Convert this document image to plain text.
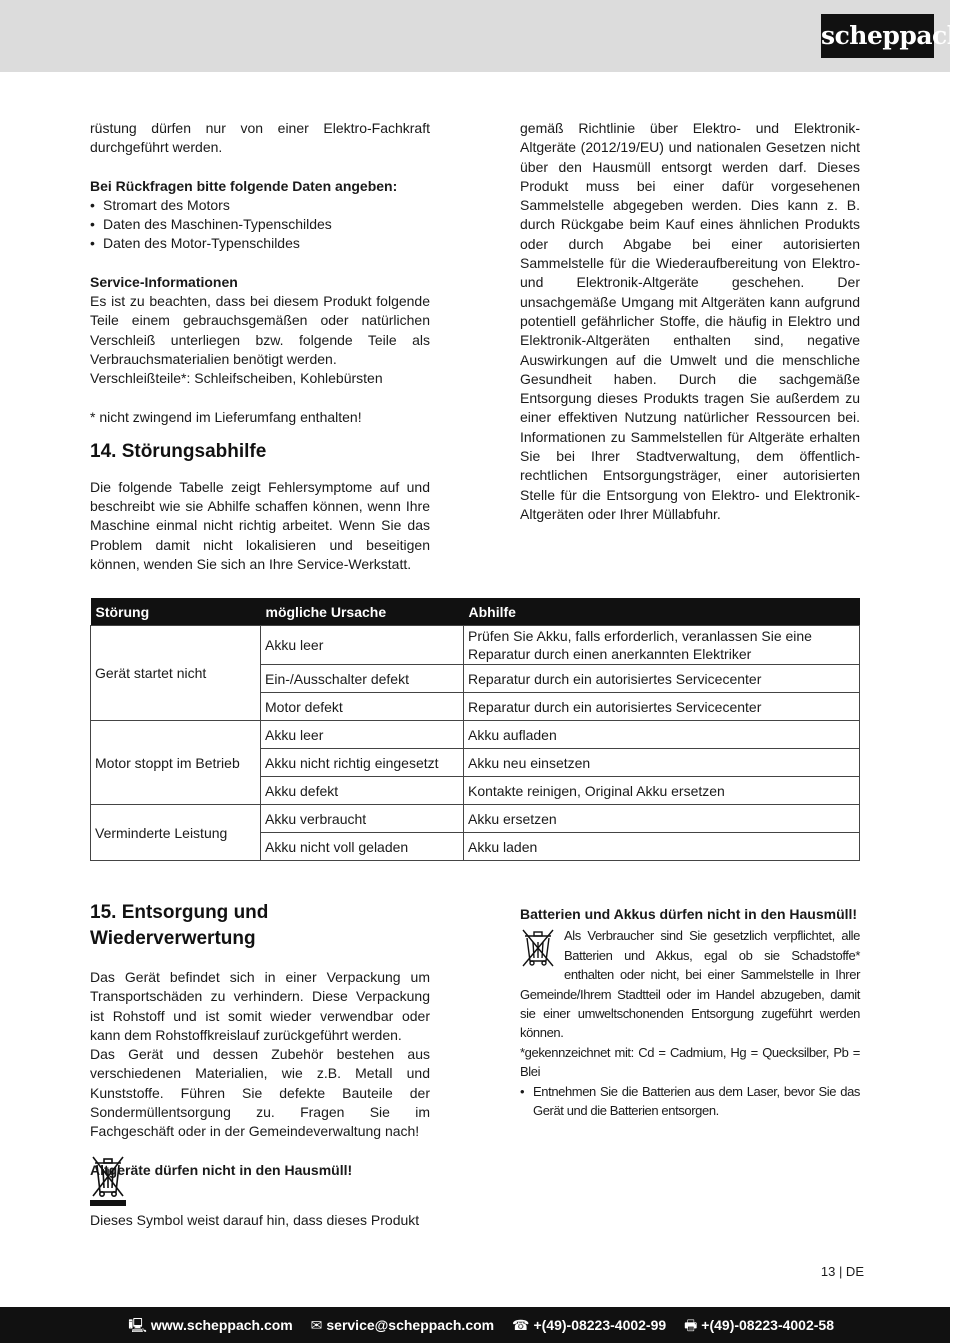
scheppach

rüstung dürfen nur von einer Elektro-Fachkraft durchgeführt werden.

Bei Rückfragen bitte folgende Daten angeben:

• Stromart des Motors
• Daten des Maschinen-Typenschildes
• Daten des Motor-Typenschildes

Service-Informationen

Es ist zu beachten, dass bei diesem Produkt folgende Teile einem gebrauchsgemäßen oder natürlichen Verschleiß unterliegen bzw. folgende Teile als Verbrauchsmaterialien benötigt werden.

Verschleißteile*: Schleifscheiben, Kohlebürsten

* nicht zwingend im Lieferumfang enthalten!

14. Störungsabhilfe

Die folgende Tabelle zeigt Fehlersymptome auf und beschreibt wie sie Abhilfe schaffen können, wenn Ihre Maschine einmal nicht richtig arbeitet. Wenn Sie das Problem damit nicht lokalisieren und beseitigen können, wenden Sie sich an Ihre Service-Werkstatt.

gemäß Richtlinie über Elektro- und Elektronik-Altgeräte (2012/19/EU) und nationalen Gesetzen nicht über den Hausmüll entsorgt werden darf. Dieses Produkt muss bei einer dafür vorgesehenen Sammelstelle abgegeben werden. Dies kann z. B. durch Rückgabe beim Kauf eines ähnlichen Produkts oder durch Abgabe bei einer autorisierten Sammelstelle für die Wiederaufbereitung von Elektro- und Elektronik-Altgeräte geschehen. Der unsachgemäße Umgang mit Altgeräten kann aufgrund potentiell gefährlicher Stoffe, die häufig in Elektro und Elektronik-Altgeräten enthalten sind, negative Auswirkungen auf die Umwelt und die menschliche Gesundheit haben. Durch die sachgemäße Entsorgung dieses Produkts tragen Sie außerdem zu einer effektiven Nutzung natürlicher Ressourcen bei. Informationen zu Sammelstellen für Altgeräte erhalten Sie bei Ihrer Stadtverwaltung, dem öffentlich-rechtlichen Entsorgungsträger, einer autorisierten Stelle für die Entsorgung von Elektro- und Elektronik-Altgeräten oder Ihrer Müllabfuhr.

Störung	mögliche Ursache	Abhilfe
Gerät startet nicht	Akku leer	Prüfen Sie Akku, falls erforderlich, veranlassen Sie eine Reparatur durch einen anerkannten Elektriker
	Ein-/Ausschalter defekt	Reparatur durch ein autorisiertes Servicecenter
	Motor defekt	Reparatur durch ein autorisiertes Servicecenter
Motor stoppt im Betrieb	Akku leer	Akku aufladen
	Akku nicht richtig eingesetzt	Akku neu einsetzen
	Akku defekt	Kontakte reinigen, Original Akku ersetzen
Verminderte Leistung	Akku verbraucht	Akku ersetzen
	Akku nicht voll geladen	Akku laden
15. Entsorgung und Wiederverwertung

Das Gerät befindet sich in einer Verpackung um Transportschäden zu verhindern. Diese Verpackung ist Rohstoff und ist somit wieder verwendbar oder kann dem Rohstoffkreislauf zurückgeführt werden.

Das Gerät und dessen Zubehör bestehen aus verschiedenen Materialien, wie z.B. Metall und Kunststoffe. Führen Sie defekte Bauteile der Sondermüllentsorgung zu. Fragen Sie im Fachgeschäft oder in der Gemeindeverwaltung nach!

Altgeräte dürfen nicht in den Hausmüll!

Dieses Symbol weist darauf hin, dass dieses Produkt

Batterien und Akkus dürfen nicht in den Hausmüll!

Als Verbraucher sind Sie gesetzlich verpflichtet, alle Batterien und Akkus, egal ob sie Schadstoffe* enthalten oder nicht, bei einer Sammelstelle in Ihrer Gemeinde/Ihrem Stadtteil oder im Handel abzugeben, damit sie einer umweltschonenden Entsorgung zugeführt werden können.

*gekennzeichnet mit: Cd = Cadmium, Hg = Quecksilber, Pb = Blei

• Entnehmen Sie die Batterien aus dem Laser, bevor Sie das Gerät und die Batterien entsorgen.
13 | DE
🖳 www.scheppach.com ✉ service@scheppach.com ☎ +(49)-08223-4002-99 🖶 +(49)-08223-4002-58
